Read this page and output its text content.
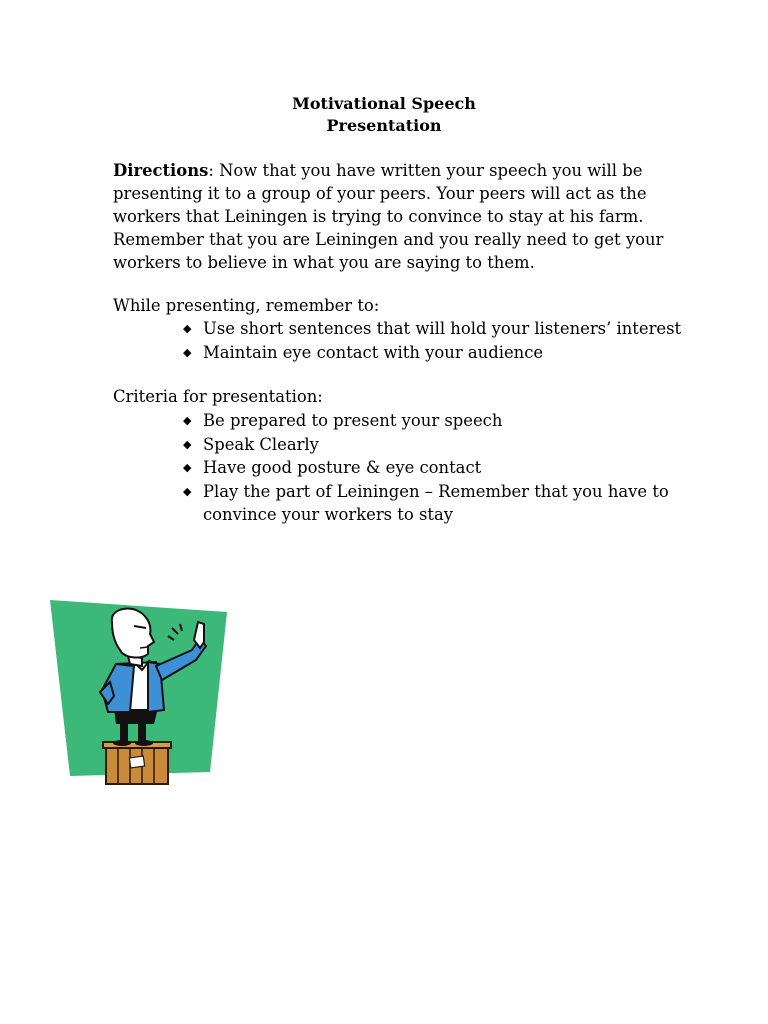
Motivational Speech
Presentation
Directions: Now that you have written your speech you will be
presenting it to a group of your peers. Your peers will act as the
workers that Leiningen is trying to convince to stay at his farm.
Remember that you are Leiningen and you really need to get your
workers to believe in what you are saying to them.
While presenting, remember to:
◆ Use short sentences that will hold your listeners’ interest
◆ Maintain eye contact with your audience
Criteria for presentation:
◆ Be prepared to present your speech
◆ Speak Clearly
◆ Have good posture & eye contact
◆ Play the part of Leiningen – Remember that you have to
convince your workers to stay
